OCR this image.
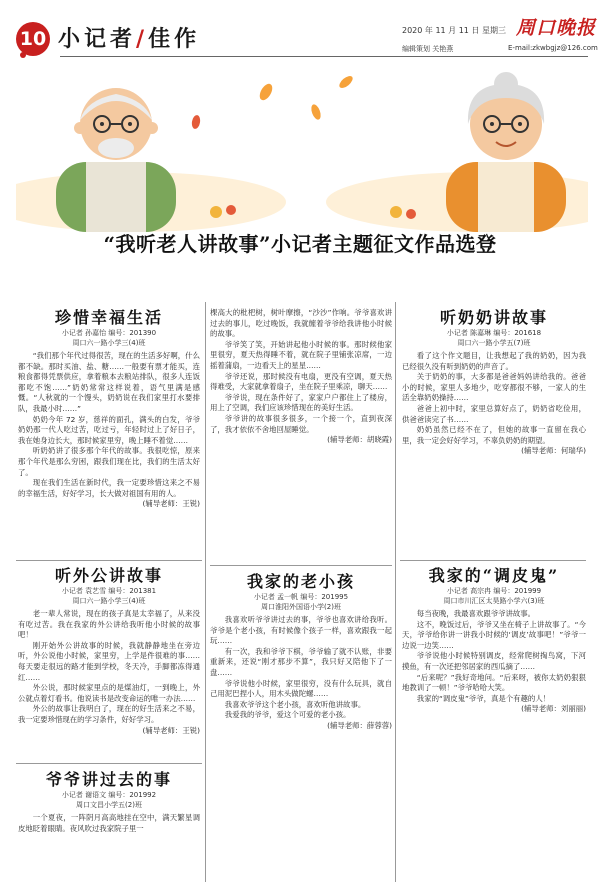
10 小记者/佳作	2020 年 11 月 11 日 星期三 周口晚报
编辑策划 关艳燕	E-mail:zkwbgjz@126.com
“我听老人讲故事”小记者主题征文作品选登
珍惜幸福生活
小记者 孙嘉怡 编号：201390
周口六一路小学三(4)班

“我们那个年代过得很苦，现在的生活多好啊，什么都不缺。那时买油、盐、糖……一般要有票才能买，连粮食都得凭票供应，拿着粮本去粮站排队，很多人连饭都吃不饱……”奶奶常常这样说着，语气里满是感慨。“人秋就的一个馒头，奶奶说在我们家里打水要排队，我最小时……”

奶奶今年 72 岁，慈祥的面孔，满头的白发，爷爷奶奶那一代人吃过苦，吃过亏，年轻时过上了好日子，我在她身边长大，那时候家里穷，晚上睡不着觉……

听奶奶讲了很多那个年代的故事。我很吃惊，原来那个年代是那么穷困，跟我们现在比，我们的生活太好了。

现在我们生活在新时代，我一定要珍惜这来之不易的幸福生活，好好学习，长大做对祖国有用的人。

(辅导老师：王锐)
听外公讲故事
小记者 袁艺雪 编号：201381
周口六一路小学三(4)班

老一辈人常说，现在的孩子真是太幸福了，从来没有吃过苦。我在我家的外公讲给我听他小时候的故事吧！

刚开始外公讲故事的时候，我就静静地坐在旁边听，外公说他小时候，家里穷，上学是件很难的事……每天要走很远的路才能到学校，冬天冷，手脚都冻得通红……

外公说，那时候家里点的是煤油灯，一到晚上，外公就点着灯看书。他说读书是改变命运的唯一办法……

外公的故事让我明白了，现在的好生活来之不易，我一定要珍惜现在的学习条件，好好学习。

(辅导老师：王锐)
爷爷讲过去的事
小记者 谢语文 编号：201992
周口文昌小学五(2)班

一个夏夜，一阵阴月高高地挂在空中，满天繁星调皮地眨着眼睛。夜风吹过我家院子里一

棵高大的枇杷树，树叶摩擦，“沙沙”作响。爷爷喜欢讲过去的事儿，吃过晚饭，我就缠着爷爷给我讲他小时候的故事。

爷爷笑了笑，开始讲起他小时候的事。那时候他家里很穷，夏天热得睡不着，就在院子里铺张凉席，一边摇着蒲扇，一边看天上的星星……

爷爷还说，那时候没有电扇，更没有空调，夏天热得难受，大家就拿着扇子，坐在院子里乘凉，聊天……

爷爷说，现在条件好了，家家户户都住上了楼房，用上了空调，我们应该珍惜现在的美好生活。

爷爷讲的故事很多很多，一个接一个，直到夜深了，我才依依不舍地回屋睡觉。

(辅导老师：胡晓霞)
我家的老小孩
小记者 孟一帆 编号：201995
周口淮阳外国语小学(2)班

我喜欢听爷爷讲过去的事，爷爷也喜欢讲给我听。爷爷是个老小孩，有时候像个孩子一样，喜欢跟我一起玩……

有一次，我和爷爷下棋，爷爷输了就不认账，非要重新来，还说“刚才那步不算”，我只好又陪他下了一盘……

爷爷说他小时候，家里很穷，没有什么玩具，就自己用泥巴捏小人，用木头做陀螺……

我喜欢爷爷这个老小孩，喜欢听他讲故事。

我爱我的爷爷，爱这个可爱的老小孩。

(辅导老师：薛蓉蓉)
听奶奶讲故事
小记者 陈嘉琳 编号：201618
周口六一路小学五(7)班

看了这个作文题目，让我想起了我的奶奶，因为我已经很久没有听到奶奶的声音了。

关于奶奶的事，大多都是爸爸妈妈讲给我的。爸爸小的时候，家里人多地少，吃穿都很不够，一家人的生活全靠奶奶操持……

爸爸上初中时，家里总算好点了，奶奶省吃俭用，供爸爸读完了书……

奶奶虽然已经不在了，但她的故事一直留在我心里，我一定会好好学习，不辜负奶奶的期望。

(辅导老师：何瑞华)
我家的“调皮鬼”
小记者 高宗冉 编号：201999
周口市川汇区太昊路小学六(3)班

每当夜晚，我最喜欢跟爷爷讲故事。

这不，晚饭过后，爷爷又坐在椅子上讲故事了。“今天，爷爷给你讲一讲我小时候的‘调皮’故事吧！”爷爷一边说一边笑……

爷爷说他小时候特别调皮，经常爬树掏鸟窝，下河摸鱼，有一次还把邻居家的西瓜摘了……

“后来呢？”我好奇地问。“后来呀，被你太奶奶狠狠地教训了一顿！”爷爷哈哈大笑。

我家的“调皮鬼”爷爷，真是个有趣的人！

(辅导老师：刘丽丽)
